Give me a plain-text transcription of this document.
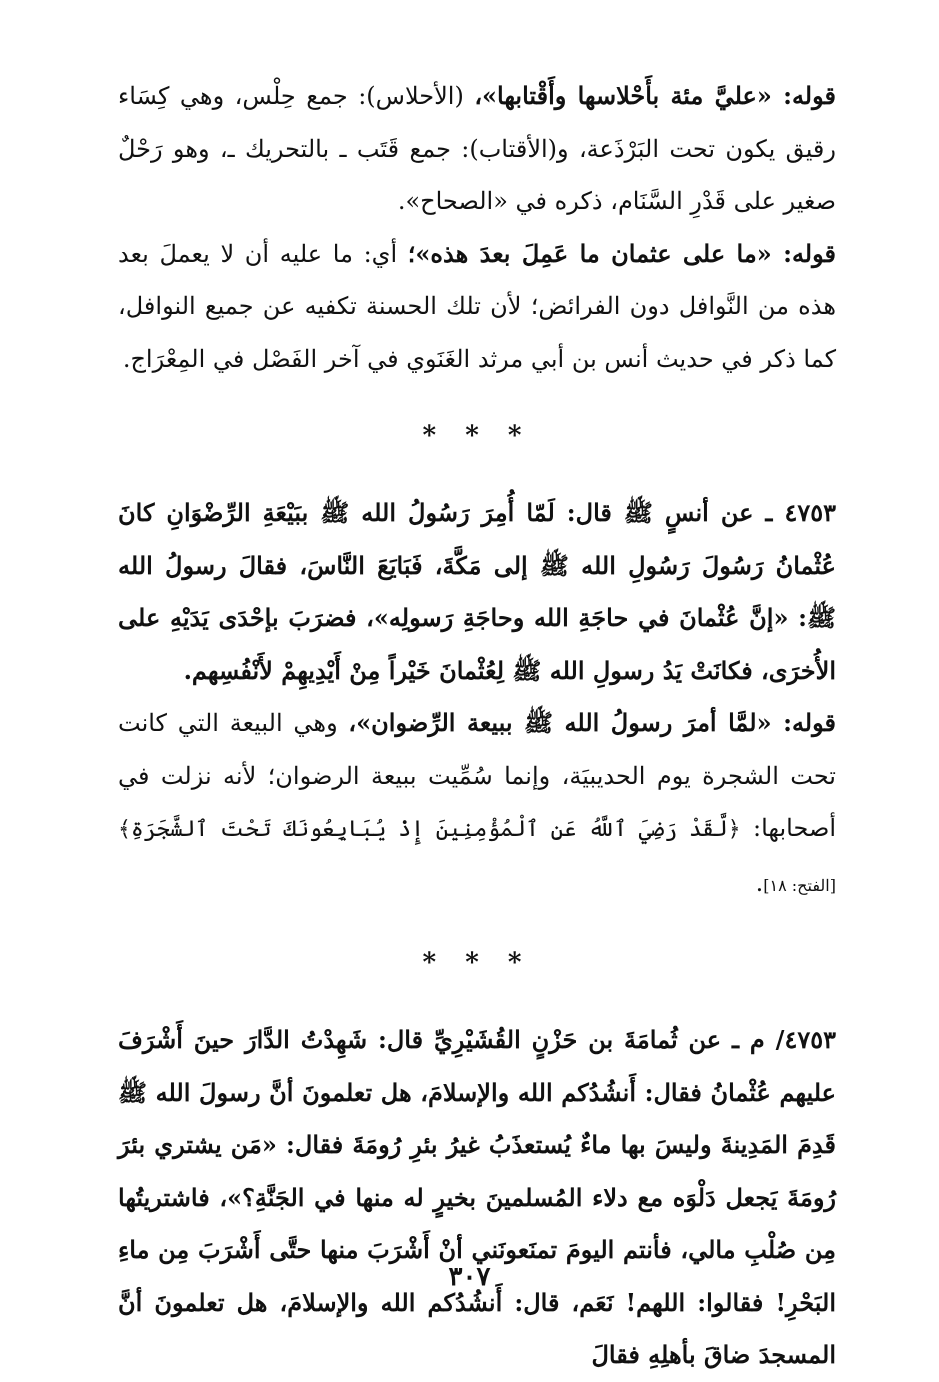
قوله: «عليَّ مئة بأَحْلاسها وأَقْتابها»، (الأحلاس): جمع حِلْس، وهي كِسَاء رقيق يكون تحت البَرْذَعة، و(الأقتاب): جمع قَتَب ـ بالتحريك ـ، وهو رَحْلٌ صغير على قَدْرِ السَّنَام، ذكره في «الصحاح».

قوله: «ما على عثمان ما عَمِلَ بعدَ هذه»؛ أي: ما عليه أن لا يعملَ بعد هذه من النَّوافل دون الفرائض؛ لأن تلك الحسنة تكفيه عن جميع النوافل، كما ذكر في حديث أنس بن أبي مرثد الغَنَوي في آخر الفَصْل في المِعْرَاج.

* * *

٤٧٥٣ ـ عن أنسٍ ﷺ قال: لَمّا أُمِرَ رَسُولُ الله ﷺ ببَيْعَةِ الرِّضْوَانِ كانَ عُثْمانُ رَسُولَ رَسُولِ الله ﷺ إلى مَكَّةَ، فَبَايَعَ النَّاسَ، فقالَ رسولُ الله ﷺ: «إنَّ عُثْمانَ في حاجَةِ الله وحاجَةِ رَسولِه»، فضرَبَ بإحْدَى يَدَيْهِ على الأُخرَى، فكانَتْ يَدُ رسولِ الله ﷺ لِعُثْمانَ خَيْراً مِنْ أَيْدِيهِمْ لأَنْفُسِهم.

قوله: «لمَّا أمرَ رسولُ الله ﷺ ببيعة الرِّضوان»، وهي البيعة التي كانت تحت الشجرة يوم الحديبيَة، وإنما سُمِّيت ببيعة الرضوان؛ لأنه نزلت في أصحابها: ﴿لَّقَدْ رَضِيَ ٱللَّهُ عَنِ ٱلْمُؤْمِنِينَ إِذْ يُبَايِعُونَكَ تَحْتَ ٱلشَّجَرَةِ﴾[الفتح: ١٨].

* * *

٤٧٥٣/ م ـ عن ثُمامَةَ بن حَزْنٍ القُشَيْرِيِّ قال: شَهِدْتُ الدَّارَ حينَ أَشْرَفَ عليهم عُثْمانُ فقال: أَنشُدُكم الله والإسلامَ، هل تعلمونَ أنَّ رسولَ الله ﷺ قَدِمَ المَدِينةَ وليسَ بها ماءٌ يُستعذَبُ غيرُ بئرِ رُومَةَ فقال: «مَن يشتري بئرَ رُومَةَ يَجعل دَلْوَه مع دلاء المُسلمينَ بخيرٍ له منها في الجَنَّةِ؟»، فاشتريتُها مِن صُلْبِ مالي، فأنتم اليومَ تمنَعونَني أنْ أَشْرَبَ منها حتَّى أَشْرَبَ مِن ماءِ البَحْرِ! فقالوا: اللهم! نَعَم، قال: أَنشُدُكم الله والإسلامَ، هل تعلمونَ أنَّ المسجدَ ضاقَ بأهلِهِ فقالَ

٣٠٧
